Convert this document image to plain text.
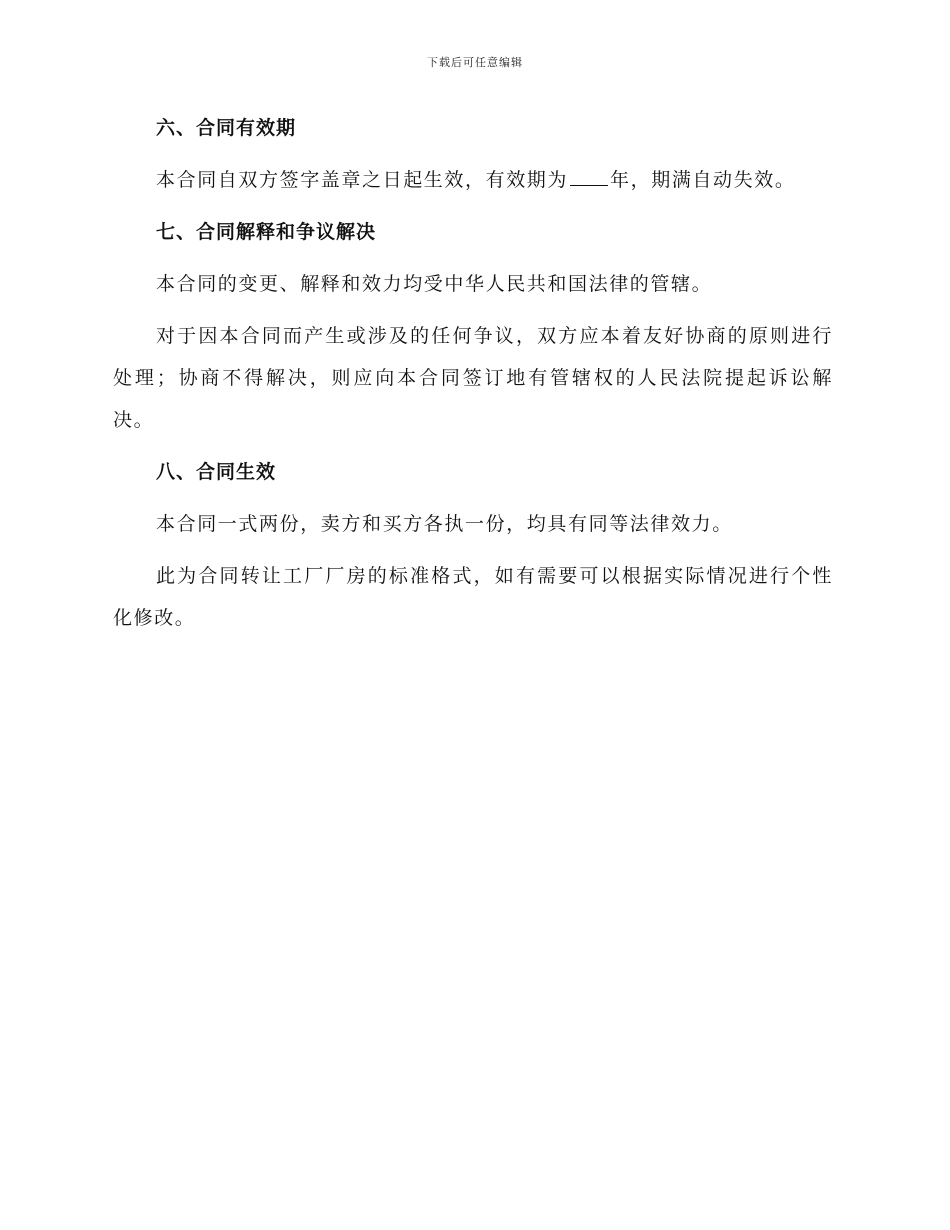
下载后可任意编辑

六、合同有效期

本合同自双方签字盖章之日起生效，有效期为 年，期满自动失效。

七、合同解释和争议解决

本合同的变更、解释和效力均受中华人民共和国法律的管辖。

对于因本合同而产生或涉及的任何争议，双方应本着友好协商的原则进行处理；协商不得解决，则应向本合同签订地有管辖权的人民法院提起诉讼解决。

八、合同生效

本合同一式两份，卖方和买方各执一份，均具有同等法律效力。

此为合同转让工厂厂房的标准格式，如有需要可以根据实际情况进行个性化修改。
